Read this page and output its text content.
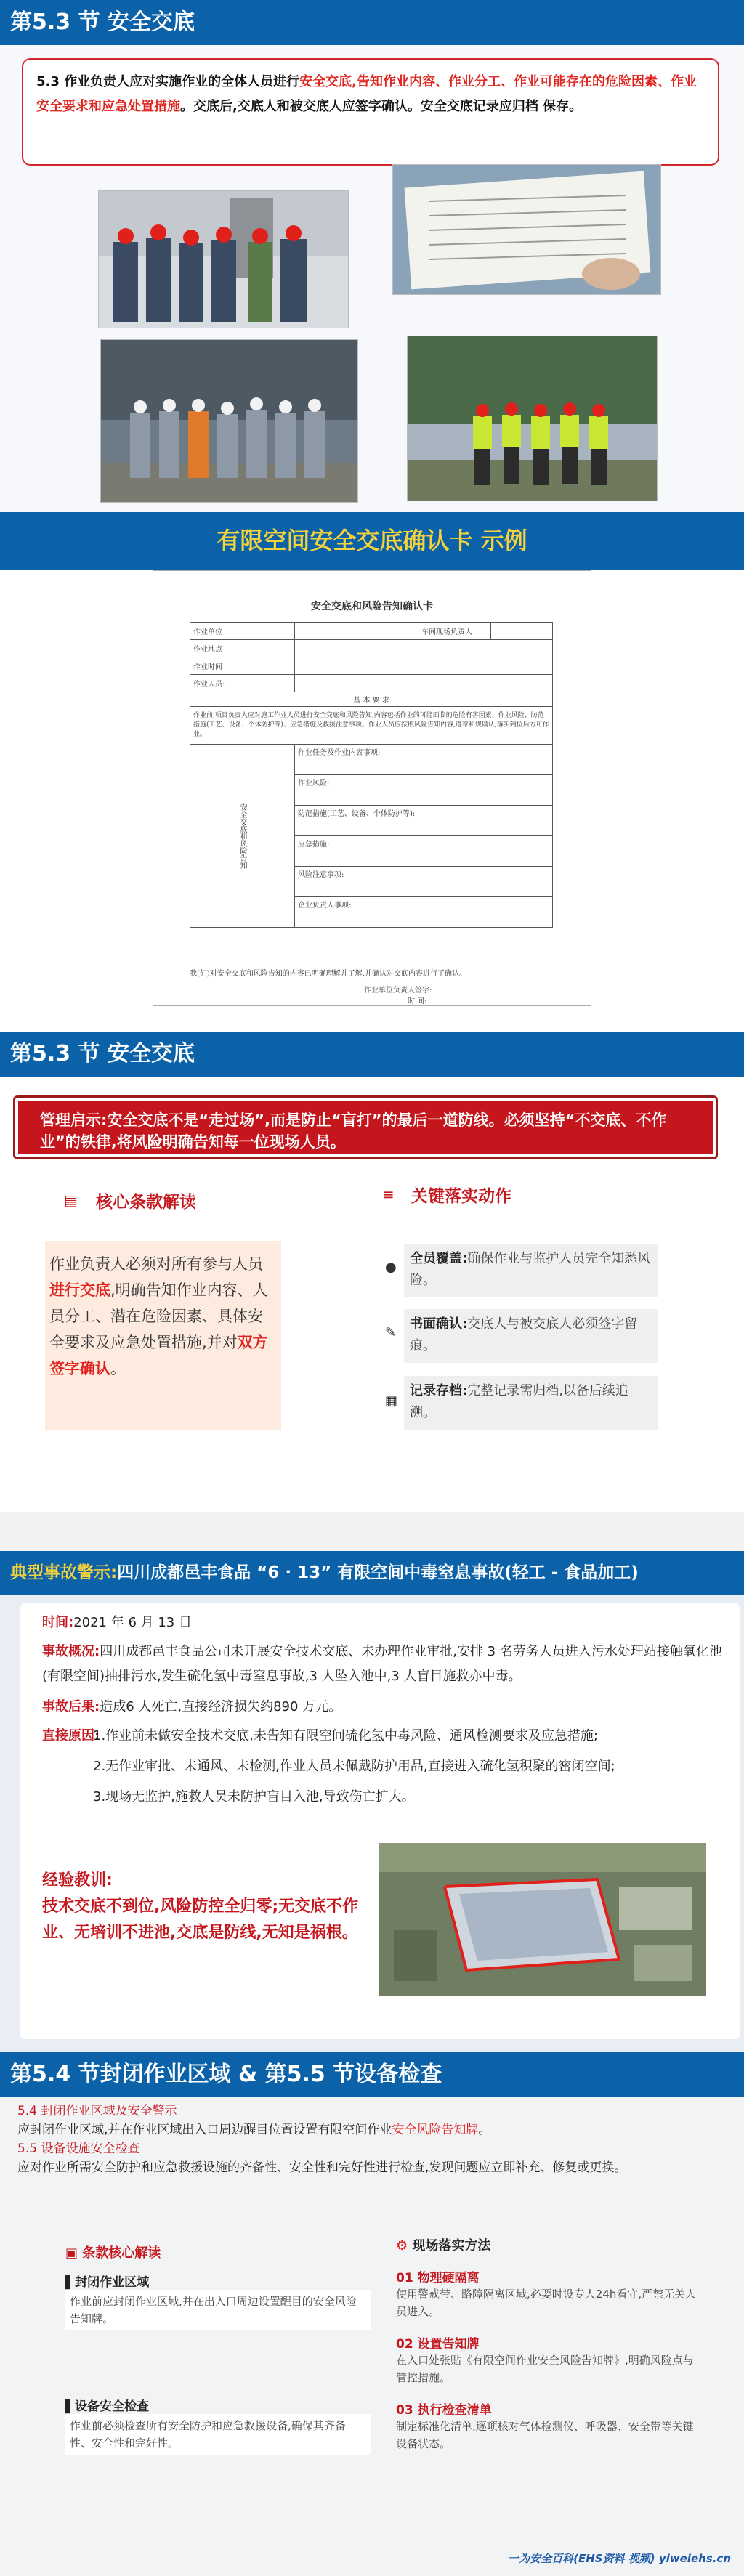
第5.3 节 安全交底
5.3 作业负责人应对实施作业的全体人员进行安全交底,告知作业内容、作业分工、作业可能存在的危险因素、作业安全要求和应急处置措施。交底后,交底人和被交底人应签字确认。安全交底记录应归档 保存。
有限空间安全交底确认卡 示例
安全交底和风险告知确认卡
作业单位		车间现场负责人	
作业地点			
作业时间			
作业人员:			
基 本 要 求			
作业前,项目负责人应对施工作业人员进行安全交底和风险告知,内容包括作业的可能面临的危险有害因素、作业风险、防范措施(工艺、设备、个体防护等)、应急措施及救援注意事项。作业人员应按照风险告知内容,遵章和规确认,落实到位后方可作业。			
安全交底和风险告知	作业任务及作业内容事项:		
	作业风险:		
	防范措施(工艺、设备、个体防护等):		
	应急措施:		
	风险注意事项:		
	企业负责人事项:		
我(们)对安全交底和风险告知的内容已明确理解并了解,并确认对交底内容进行了确认。
作业单位负责人签字:
时 间:
第5.3 节 安全交底
管理启示:安全交底不是“走过场”,而是防止“盲打”的最后一道防线。必须坚持“不交底、不作业”的铁律,将风险明确告知每一位现场人员。
▤ 核心条款解读	≡ 关键落实动作
作业负责人必须对所有参与人员进行交底,明确告知作业内容、人员分工、潜在危险因素、具体安全要求及应急处置措施,并对双方签字确认。
●
全员覆盖:确保作业与监护人员完全知悉风险。
✎
书面确认:交底人与被交底人必须签字留痕。
▦
记录存档:完整记录需归档,以备后续追溯。
典型事故警示:四川成都邑丰食品 “6 · 13” 有限空间中毒窒息事故(轻工 - 食品加工)
时间:2021 年 6 月 13 日
事故概况:四川成都邑丰食品公司未开展安全技术交底、未办理作业审批,安排 3 名劳务人员进入污水处理站接触氧化池(有限空间)抽排污水,发生硫化氢中毒窒息事故,3 人坠入池中,3 人盲目施救亦中毒。
事故后果:造成6 人死亡,直接经济损失约890 万元。
直接原因:
1.作业前未做安全技术交底,未告知有限空间硫化氢中毒风险、通风检测要求及应急措施;
2.无作业审批、未通风、未检测,作业人员未佩戴防护用品,直接进入硫化氢积聚的密闭空间;
3.现场无监护,施救人员未防护盲目入池,导致伤亡扩大。
经验教训:
技术交底不到位,风险防控全归零;无交底不作业、无培训不进池,交底是防线,无知是祸根。
第5.4 节封闭作业区域 & 第5.5 节设备检查
5.4 封闭作业区域及安全警示
应封闭作业区域,并在作业区域出入口周边醒目位置设置有限空间作业安全风险告知牌。
5.5 设备设施安全检查
应对作业所需安全防护和应急救援设施的齐备性、安全性和完好性进行检查,发现问题应立即补充、修复或更换。
▣ 条款核心解读
▌封闭作业区域
作业前应封闭作业区域,并在出入口周边设置醒目的安全风险告知牌。
▌设备安全检查
作业前必须检查所有安全防护和应急救援设备,确保其齐备性、安全性和完好性。
⚙ 现场落实方法
01 物理硬隔离
使用警戒带、路障隔离区域,必要时设专人24h看守,严禁无关人员进入。
02 设置告知牌
在入口处张贴《有限空间作业安全风险告知牌》,明确风险点与管控措施。
03 执行检查清单
制定标准化清单,逐项核对气体检测仪、呼吸器、安全带等关键设备状态。
一为安全百科(EHS资料 视频) yiweiehs.cn
